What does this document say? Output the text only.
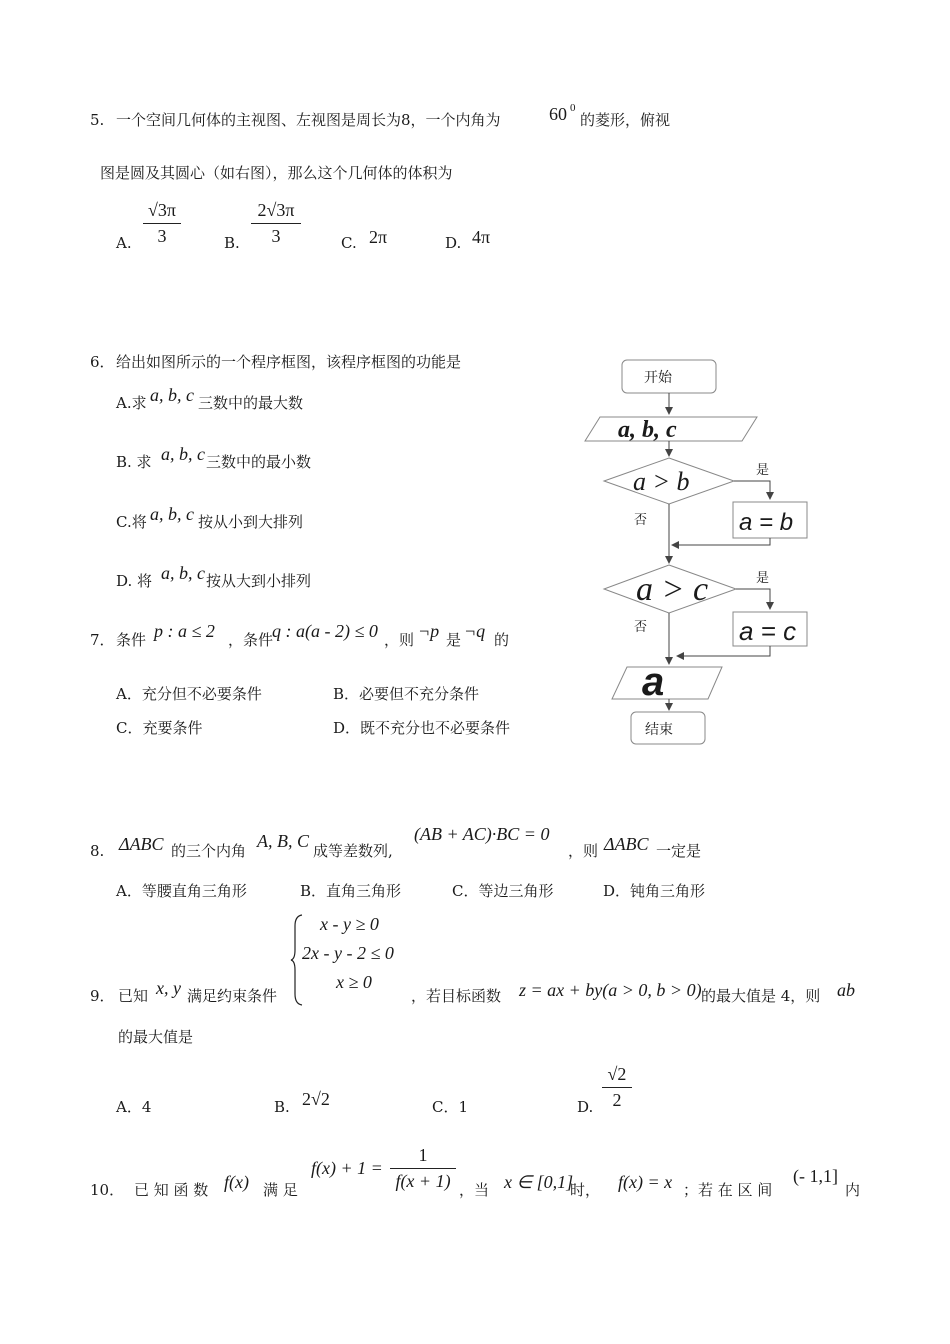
5. 一个空间几何体的主视图、左视图是周长为8，一个内角为	60 0
的菱形，俯视
图是圆及其圆心（如右图），那么这个几何体的体积为
A. $\frac{√3\pi}{3}$	B. $\frac{2√3\pi}{3}$	C. 2π	D. 4π
6． 给出如图所示的一个程序框图，该程序框图的功能是
A.求 a, b, c 三数中的最大数
B. 求 a, b, c 三数中的最小数
C.将 a, b, c 按从小到大排列
D. 将 a, b, c 按从大到小排列
开始
a, b, c
a > b	是
否	a = b
a > c	是
否	a = c
a
结束
7． 条件 p : a ≤ 2 ，条件
q : a(a - 2) ≤ 0 ，则 ¬p 是 ¬q 的
A．充分但不必要条件	B．必要但不充分条件
C．充要条件	D．既不充分也不必要条件
8. ΔABC 的三个内角 A, B, C 成等差数列,
(AB + AC)·BC = 0
，则 ΔABC 一定是
A．等腰直角三角形	B．直角三角形	C．等边三角形	D．钝角三角形
9． 已知 x, y 满足约束条件
x - y ≥ 0
2x - y - 2 ≤ 0
x ≥ 0
，若目标函数 z = ax + by(a > 0, b > 0) 的最大值是 4，则 ab
的最大值是
A．4	B. 2√2	C．1	D. $\frac{√2}{2}$
10． 已 知 函 数 f(x) 满 足
$f(x) + 1 = \frac{1}{f(x + 1)}$ ，当 x ∈ [0,1]
时， f(x) = x ；若 在 区 间
(- 1,1]
内
